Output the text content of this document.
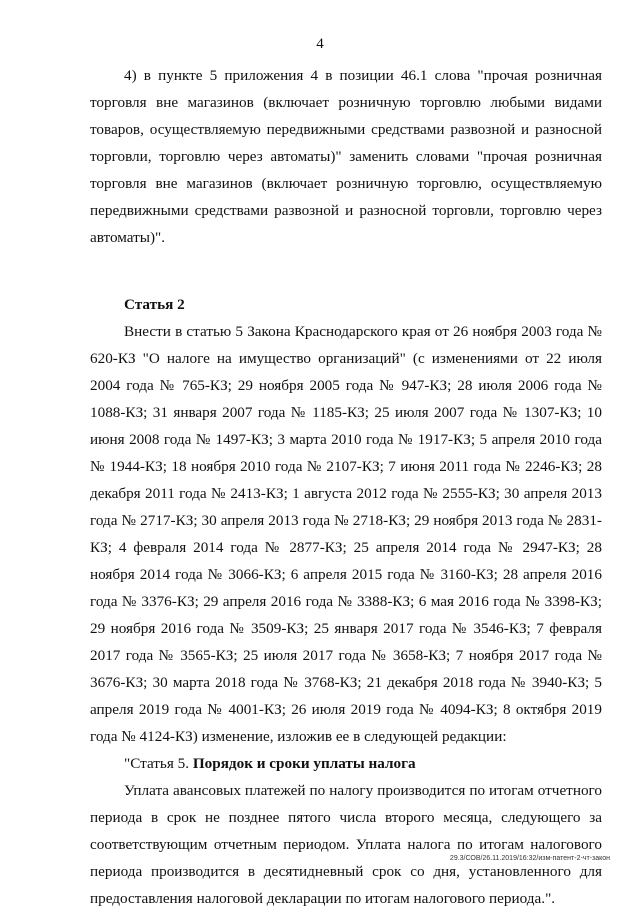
4

4) в пункте 5 приложения 4 в позиции 46.1 слова "прочая розничная торговля вне магазинов (включает розничную торговлю любыми видами товаров, осуществляемую передвижными средствами развозной и разносной торговли, торговлю через автоматы)" заменить словами "прочая розничная торговля вне магазинов (включает розничную торговлю, осуществляемую передвижными средствами развозной и разносной торговли, торговлю через автоматы)".

Статья 2

Внести в статью 5 Закона Краснодарского края от 26 ноября 2003 года № 620-КЗ "О налоге на имущество организаций" (с изменениями от 22 июля 2004 года № 765-КЗ; 29 ноября 2005 года № 947-КЗ; 28 июля 2006 года № 1088-КЗ; 31 января 2007 года № 1185-КЗ; 25 июля 2007 года № 1307-КЗ; 10 июня 2008 года № 1497-КЗ; 3 марта 2010 года № 1917-КЗ; 5 апреля 2010 года № 1944-КЗ; 18 ноября 2010 года № 2107-КЗ; 7 июня 2011 года № 2246-КЗ; 28 декабря 2011 года № 2413-КЗ; 1 августа 2012 года № 2555-КЗ; 30 апреля 2013 года № 2717-КЗ; 30 апреля 2013 года № 2718-КЗ; 29 ноября 2013 года № 2831-КЗ; 4 февраля 2014 года № 2877-КЗ; 25 апреля 2014 года № 2947-КЗ; 28 ноября 2014 года № 3066-КЗ; 6 апреля 2015 года № 3160-КЗ; 28 апреля 2016 года № 3376-КЗ; 29 апреля 2016 года № 3388-КЗ; 6 мая 2016 года № 3398-КЗ; 29 ноября 2016 года № 3509-КЗ; 25 января 2017 года № 3546-КЗ; 7 февраля 2017 года № 3565-КЗ; 25 июля 2017 года № 3658-КЗ; 7 ноября 2017 года № 3676-КЗ; 30 марта 2018 года № 3768-КЗ; 21 декабря 2018 года № 3940-КЗ; 5 апреля 2019 года № 4001-КЗ; 26 июля 2019 года № 4094-КЗ; 8 октября 2019 года № 4124-КЗ) изменение, изложив ее в следующей редакции:

"Статья 5. Порядок и сроки уплаты налога

Уплата авансовых платежей по налогу производится по итогам отчетного периода в срок не позднее пятого числа второго месяца, следующего за соответствующим отчетным периодом. Уплата налога по итогам налогового периода производится в десятидневный срок со дня, установленного для предоставления налоговой декларации по итогам налогового периода.".

29.3/СОВ/26.11.2019/16:32/изм-патент-2-чт-закон
